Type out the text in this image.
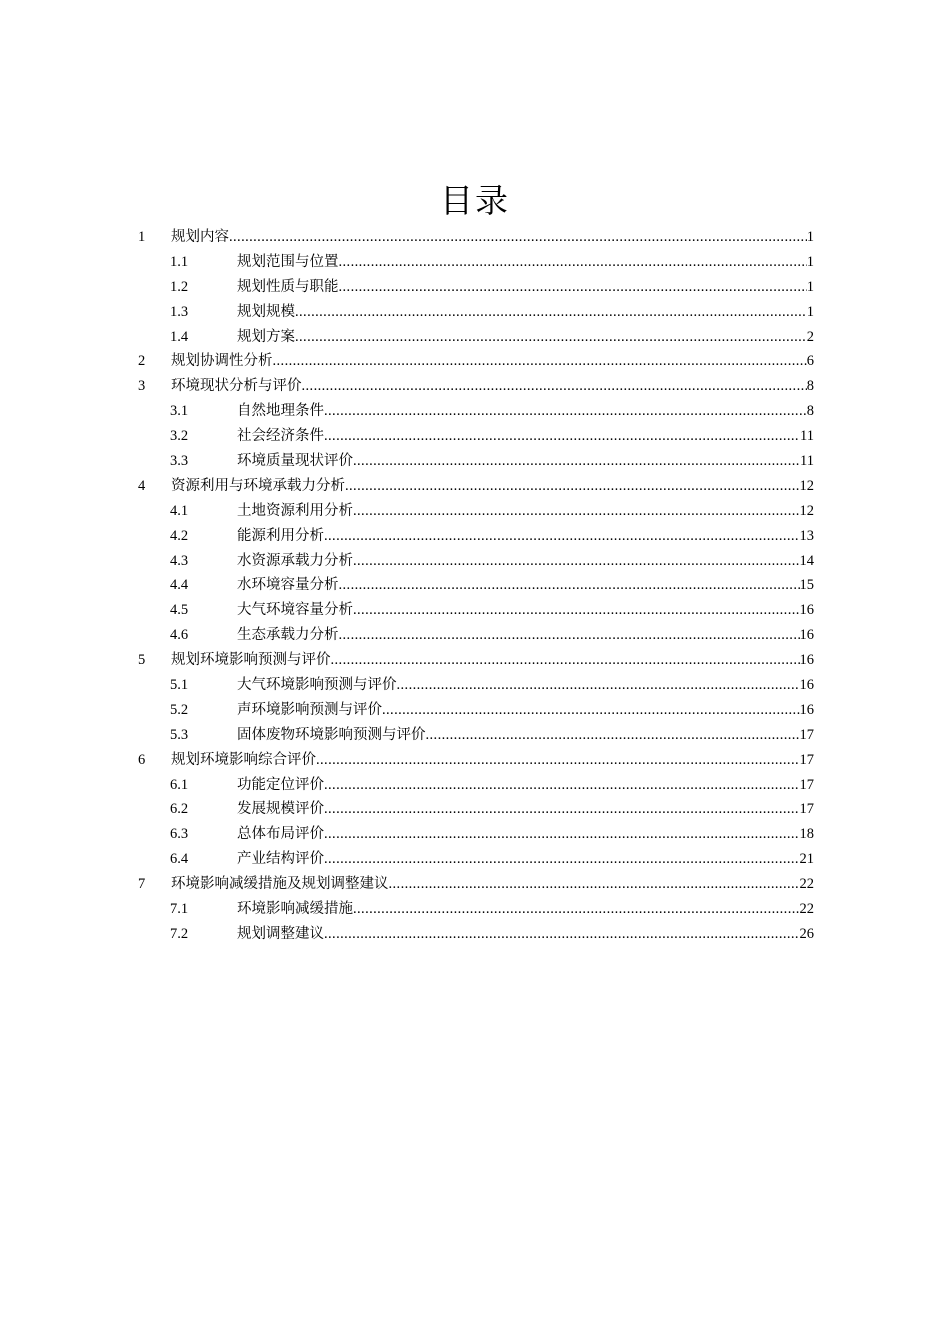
目录
1 规划内容 .....	1
1.1	规划范围与位置 .....	1
1.2	规划性质与职能 .....	1
1.3	规划规模 .....	1
1.4	规划方案 .....	2
2 规划协调性分析 .....	6
3 环境现状分析与评价 .....	8
3.1	自然地理条件 .....	8
3.2	社会经济条件 .....	11
3.3	环境质量现状评价 .....	11
4 资源利用与环境承载力分析 .....	12
4.1	土地资源利用分析 .....	12
4.2	能源利用分析 .....	13
4.3	水资源承载力分析 .....	14
4.4	水环境容量分析 .....	15
4.5	大气环境容量分析 .....	16
4.6	生态承载力分析 .....	16
5 规划环境影响预测与评价 .....	16
5.1	大气环境影响预测与评价 .....	16
5.2	声环境影响预测与评价 .....	16
5.3	固体废物环境影响预测与评价 .....	17
6 规划环境影响综合评价 .....	17
6.1	功能定位评价 .....	17
6.2	发展规模评价 .....	17
6.3	总体布局评价 .....	18
6.4	产业结构评价 .....	21
7 环境影响减缓措施及规划调整建议 .....	22
7.1	环境影响减缓措施 .....	22
7.2	规划调整建议 .....	26
